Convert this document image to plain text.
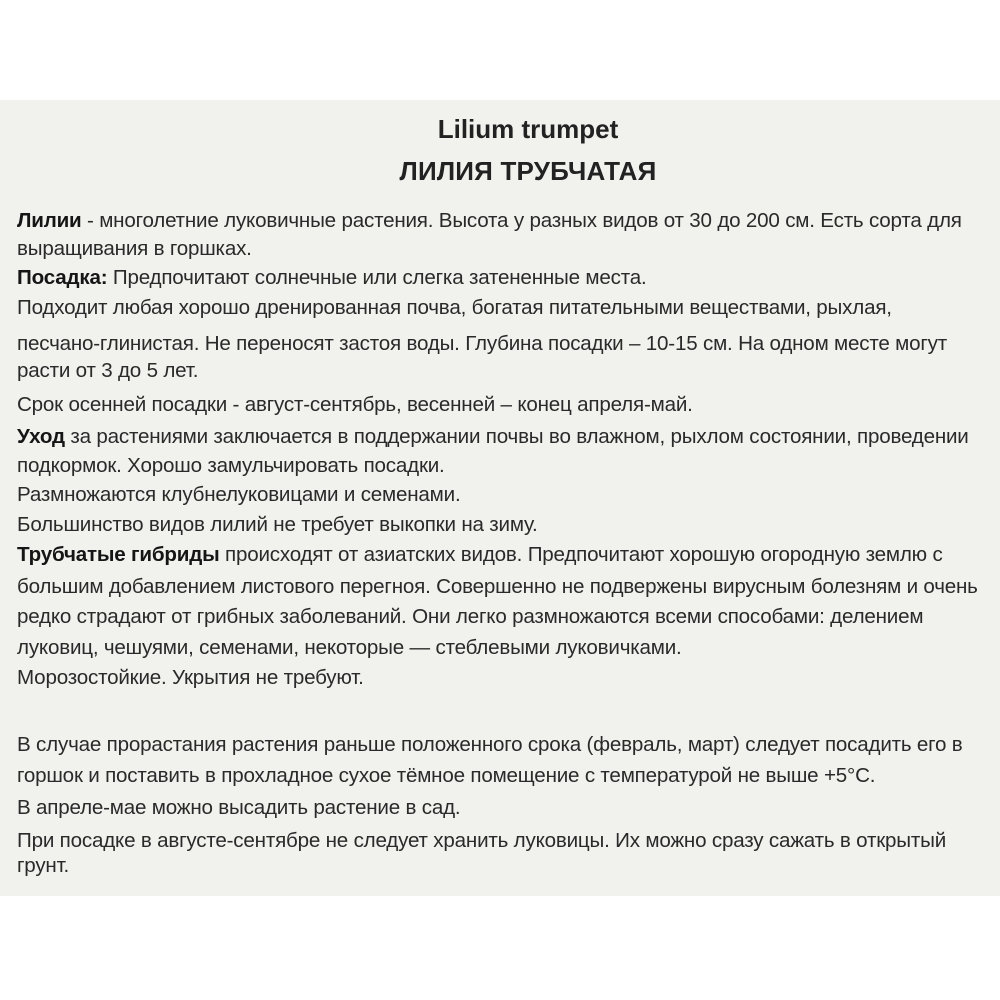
Lilium trumpet
ЛИЛИЯ ТРУБЧАТАЯ
Лилии - многолетние луковичные растения. Высота у разных видов от 30 до 200 см. Есть сорта для
выращивания в горшках.
Посадка: Предпочитают солнечные или слегка затененные места.
Подходит любая хорошо дренированная почва, богатая питательными веществами, рыхлая,
песчано-глинистая. Не переносят застоя воды. Глубина посадки – 10-15 см. На одном месте могут
расти от 3 до 5 лет.
Срок осенней посадки - август-сентябрь, весенней – конец апреля-май.
Уход за растениями заключается в поддержании почвы во влажном, рыхлом состоянии, проведении
подкормок. Хорошо замульчировать посадки.
Размножаются клубнелуковицами и семенами.
Большинство видов лилий не требует выкопки на зиму.
Трубчатые гибриды происходят от азиатских видов. Предпочитают хорошую огородную землю с
большим добавлением листового перегноя. Совершенно не подвержены вирусным болезням и очень
редко страдают от грибных заболеваний. Они легко размножаются всеми способами: делением
луковиц, чешуями, семенами, некоторые — стеблевыми луковичками.
Морозостойкие. Укрытия не требуют.
В случае прорастания растения раньше положенного срока (февраль, март) следует посадить его в
горшок и поставить в прохладное сухое тёмное помещение с температурой не выше +5°С.
В апреле-мае можно высадить растение в сад.
При посадке в августе-сентябре не следует хранить луковицы. Их можно сразу сажать в открытый
грунт.
